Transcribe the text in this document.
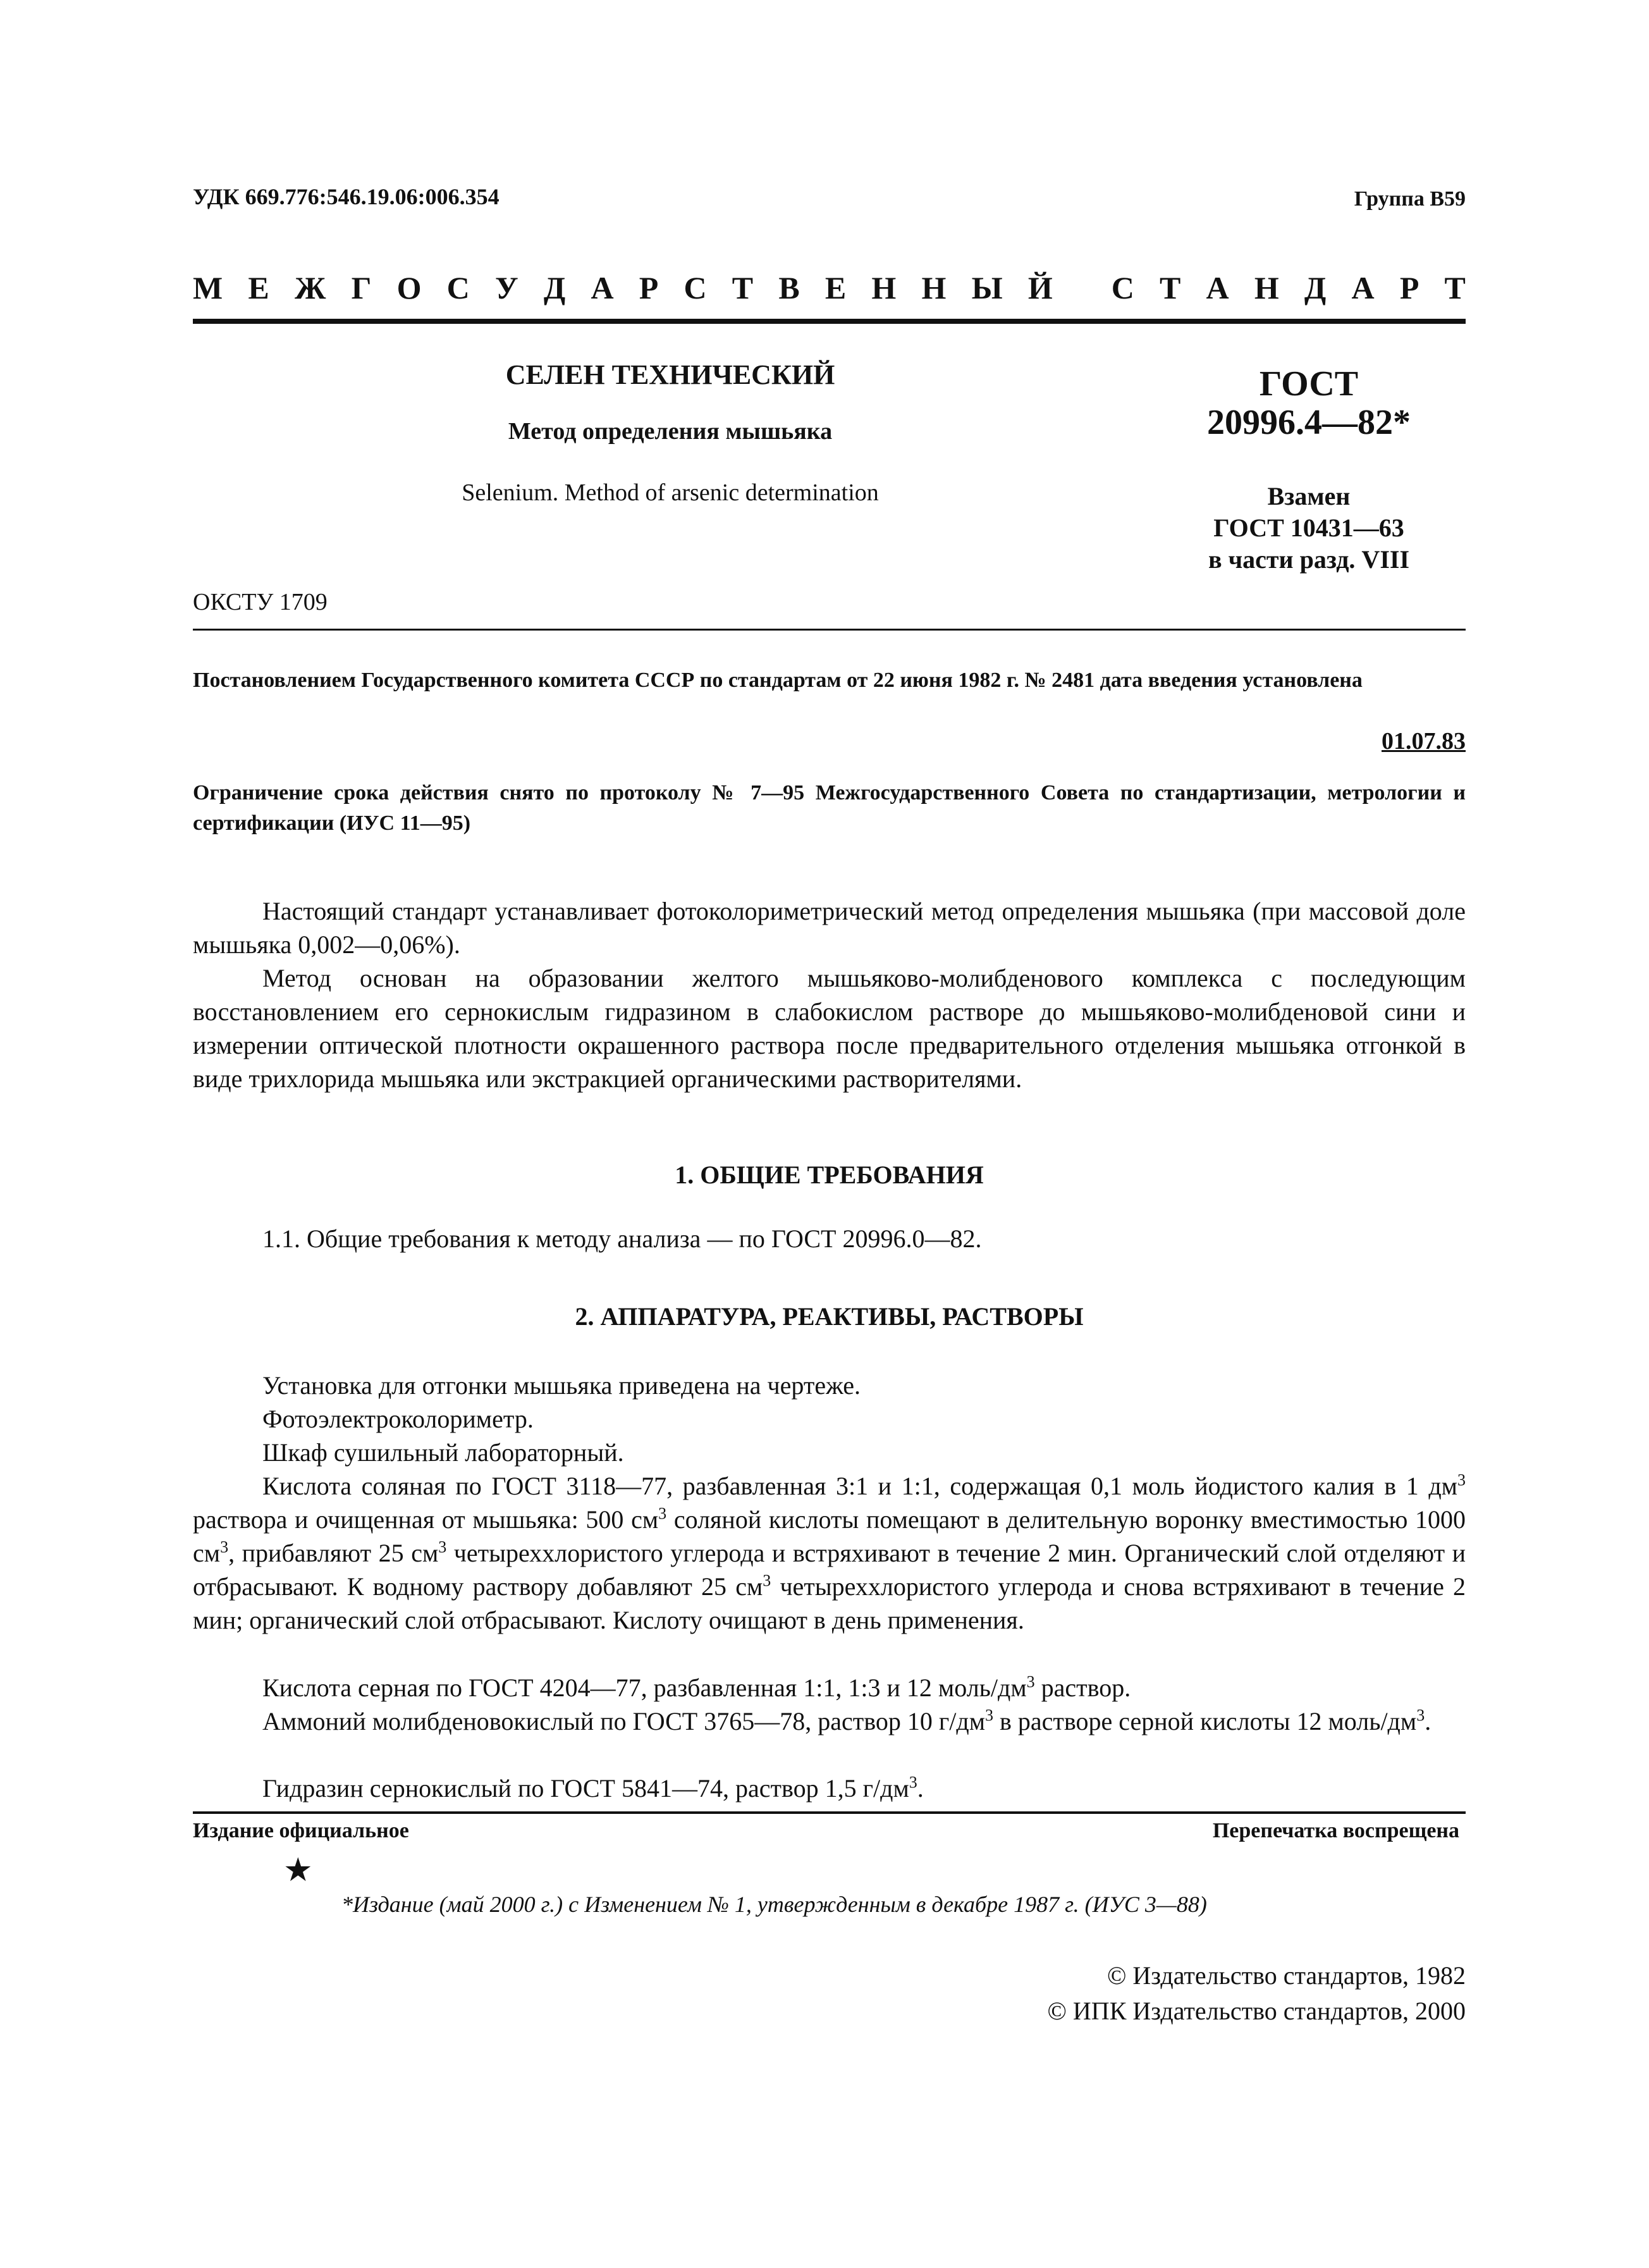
УДК 669.776:546.19.06:006.354	Группа В59
М Е Ж Г О С У Д А Р С Т В Е Н Н Ы Й
С Т А Н Д А Р Т
СЕЛЕН ТЕХНИЧЕСКИЙ
Метод определения мышьяка
Selenium. Method of arsenic determination
ГОСТ
20996.4—82*
Взамен
ГОСТ 10431—63
в части разд. VIII
ОКСТУ 1709
Постановлением Государственного комитета СССР по стандартам от 22 июня 1982 г. № 2481 дата введения установлена
01.07.83
Ограничение срока действия снято по протоколу № 7—95 Межгосударственного Совета по стандартизации, метрологии и сертификации (ИУС 11—95)
Настоящий стандарт устанавливает фотоколориметрический метод определения мышьяка (при массовой доле мышьяка 0,002—0,06%).
Метод основан на образовании желтого мышьяково-молибденового комплекса с последующим восстановлением его сернокислым гидразином в слабокислом растворе до мышьяково-молибденовой сини и измерении оптической плотности окрашенного раствора после предварительного отделения мышьяка отгонкой в виде трихлорида мышьяка или экстракцией органическими растворителями.
1. ОБЩИЕ ТРЕБОВАНИЯ
1.1. Общие требования к методу анализа — по ГОСТ 20996.0—82.
2. АППАРАТУРА, РЕАКТИВЫ, РАСТВОРЫ
Установка для отгонки мышьяка приведена на чертеже.
Фотоэлектроколориметр.
Шкаф сушильный лабораторный.
Кислота соляная по ГОСТ 3118—77, разбавленная 3:1 и 1:1, содержащая 0,1 моль йодистого калия в 1 $дм^3$ раствора и очищенная от мышьяка: 500 $см^3$ соляной кислоты помещают в делительную воронку вместимостью 1000 $см^3$, прибавляют 25 $см^3$ четыреххлористого углерода и встряхивают в течение 2 мин. Органический слой отделяют и отбрасывают. К водному раствору добавляют 25 $см^3$ четыреххлористого углерода и снова встряхивают в течение 2 мин; органический слой отбрасывают. Кислоту очищают в день применения.
Кислота серная по ГОСТ 4204—77, разбавленная 1:1, 1:3 и 12 моль/$дм^3$ раствор.
Аммоний молибденовокислый по ГОСТ 3765—78, раствор 10 $г/дм^3$ в растворе серной кислоты 12 моль/$дм^3$.
Гидразин сернокислый по ГОСТ 5841—74, раствор 1,5 $г/дм^3$.
Издание официальное	Перепечатка воспрещена
★
*Издание (май 2000 г.) с Изменением № 1, утвержденным в декабре 1987 г. (ИУС 3—88)
© Издательство стандартов, 1982
© ИПК Издательство стандартов, 2000
